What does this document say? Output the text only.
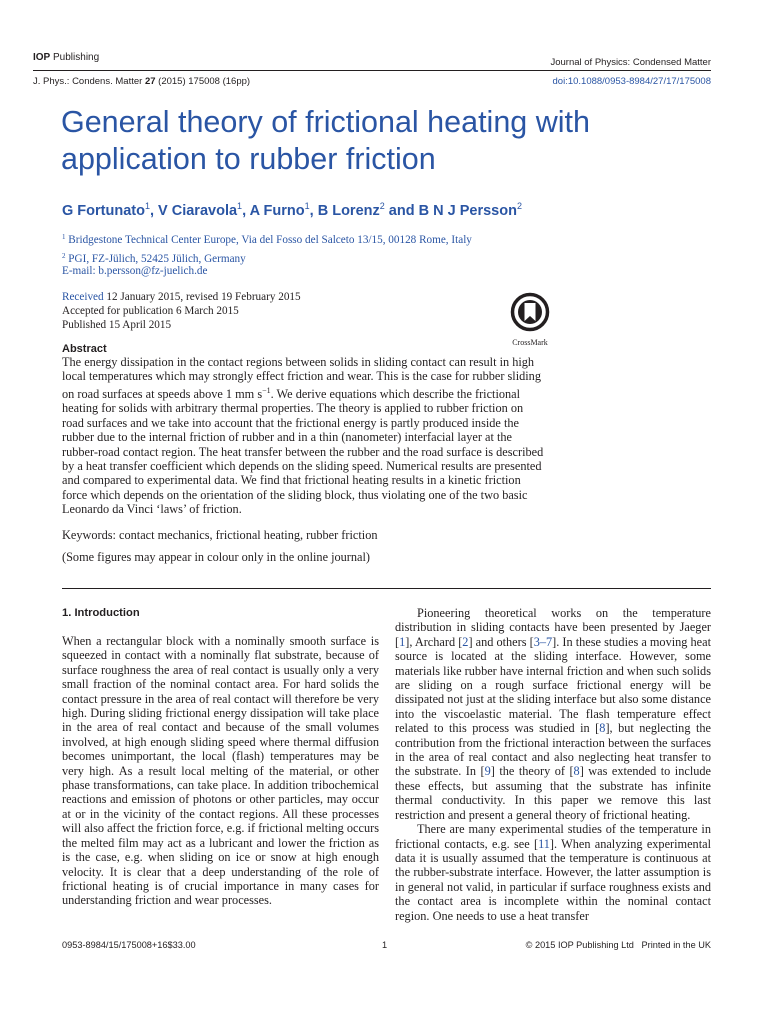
IOP Publishing	Journal of Physics: Condensed Matter
J. Phys.: Condens. Matter 27 (2015) 175008 (16pp)	doi:10.1088/0953-8984/27/17/175008
General theory of frictional heating with application to rubber friction
G Fortunato$^1$, V Ciaravola$^1$, A Furno$^1$, B Lorenz$^2$ and B N J Persson$^2$
$^1$ Bridgestone Technical Center Europe, Via del Fosso del Salceto 13/15, 00128 Rome, Italy
$^2$ PGI, FZ-Jülich, 52425 Jülich, Germany
E-mail: b.persson@fz-juelich.de
Received 12 January 2015, revised 19 February 2015
Accepted for publication 6 March 2015
Published 15 April 2015
CrossMark
Abstract

The energy dissipation in the contact regions between solids in sliding contact can result in high local temperatures which may strongly effect friction and wear. This is the case for rubber sliding on road surfaces at speeds above 1 mm $s^{-1}$. We derive equations which describe the frictional heating for solids with arbitrary thermal properties. The theory is applied to rubber friction on road surfaces and we take into account that the frictional energy is partly produced inside the rubber due to the internal friction of rubber and in a thin (nanometer) interfacial layer at the rubber-road contact region. The heat transfer between the rubber and the road surface is described by a heat transfer coefficient which depends on the sliding speed. Numerical results are presented and compared to experimental data. We find that frictional heating results in a kinetic friction force which depends on the orientation of the sliding block, thus violating one of the two basic Leonardo da Vinci ‘laws’ of friction.

Keywords: contact mechanics, frictional heating, rubber friction
(Some figures may appear in colour only in the online journal)
1. Introduction

When a rectangular block with a nominally smooth surface is squeezed in contact with a nominally flat substrate, because of surface roughness the area of real contact is usually only a very small fraction of the nominal contact area. For hard solids the contact pressure in the area of real contact will therefore be very high. During sliding frictional energy dissipation will take place in the area of real contact and because of the small volumes involved, at high enough sliding speed where thermal diffusion becomes unimportant, the local (flash) temperatures may be very high. As a result local melting of the material, or other phase transformations, can take place. In addition tribochemical reactions and emission of photons or other particles, may occur at or in the vicinity of the contact regions. All these processes will also affect the friction force, e.g. if frictional melting occurs the melted film may act as a lubricant and lower the friction as is the case, e.g. when sliding on ice or snow at high enough velocity. It is clear that a deep understanding of the role of frictional heating is of crucial importance in many cases for understanding friction and wear processes.

Pioneering theoretical works on the temperature distribution in sliding contacts have been presented by Jaeger [1], Archard [2] and others [3–7]. In these studies a moving heat source is located at the sliding interface. However, some materials like rubber have internal friction and when such solids are sliding on a rough surface frictional energy will be dissipated not just at the sliding interface but also some distance into the viscoelastic material. The flash temperature effect related to this process was studied in [8], but neglecting the contribution from the frictional interaction between the surfaces in the area of real contact and also neglecting heat transfer to the substrate. In [9] the theory of [8] was extended to include these effects, but assuming that the substrate has infinite thermal conductivity. In this paper we remove this last restriction and present a general theory of frictional heating.

There are many experimental studies of the temperature in frictional contacts, e.g. see [11]. When analyzing experimental data it is usually assumed that the temperature is continuous at the rubber-substrate interface. However, the latter assumption is in general not valid, in particular if surface roughness exists and the contact area is incomplete within the nominal contact region. One needs to use a heat transfer

0953-8984/15/175008+16$33.00	1	© 2015 IOP Publishing Ltd   Printed in the UK
